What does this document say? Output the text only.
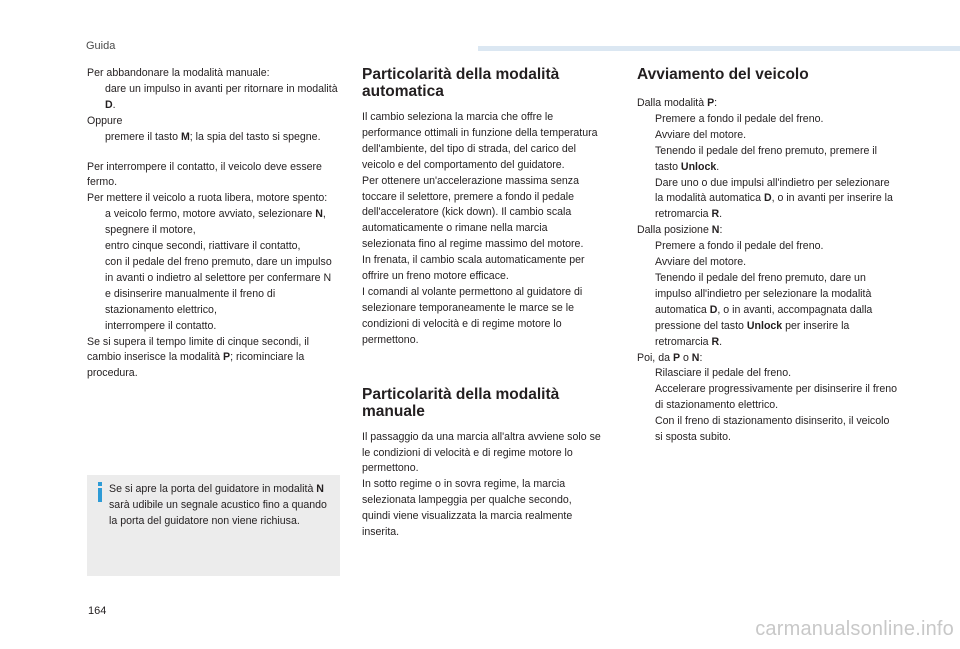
Guida

Per abbandonare la modalità manuale:

dare un impulso in avanti per ritornare in modalità D.

Oppure

premere il tasto M; la spia del tasto si spegne.

Per interrompere il contatto, il veicolo deve essere fermo.

Per mettere il veicolo a ruota libera, motore spento:

a veicolo fermo, motore avviato, selezionare N,
spegnere il motore,
entro cinque secondi, riattivare il contatto,
con il pedale del freno premuto, dare un impulso in avanti o indietro al selettore per confermare N e disinserire manualmente il freno di stazionamento elettrico,
interrompere il contatto.

Se si supera il tempo limite di cinque secondi, il cambio inserisce la modalità P; ricominciare la procedura.

Se si apre la porta del guidatore in modalità N sarà udibile un segnale acustico fino a quando la porta del guidatore non viene richiusa.

Particolarità della modalità automatica

Il cambio seleziona la marcia che offre le performance ottimali in funzione della temperatura dell'ambiente, del tipo di strada, del carico del veicolo e del comportamento del guidatore.

Per ottenere un'accelerazione massima senza toccare il selettore, premere a fondo il pedale dell'acceleratore (kick down). Il cambio scala automaticamente o rimane nella marcia selezionata fino al regime massimo del motore.

In frenata, il cambio scala automaticamente per offrire un freno motore efficace.

I comandi al volante permettono al guidatore di selezionare temporaneamente le marce se le condizioni di velocità e di regime motore lo permettono.

Particolarità della modalità manuale

Il passaggio da una marcia all'altra avviene solo se le condizioni di velocità e di regime motore lo permettono.

In sotto regime o in sovra regime, la marcia selezionata lampeggia per qualche secondo, quindi viene visualizzata la marcia realmente inserita.

Avviamento del veicolo

Dalla modalità P:

Premere a fondo il pedale del freno.
Avviare del motore.
Tenendo il pedale del freno premuto, premere il tasto Unlock.
Dare uno o due impulsi all'indietro per selezionare la modalità automatica D, o in avanti per inserire la retromarcia R.

Dalla posizione N:

Premere a fondo il pedale del freno.
Avviare del motore.
Tenendo il pedale del freno premuto, dare un impulso all'indietro per selezionare la modalità automatica D, o in avanti, accompagnata dalla pressione del tasto Unlock per inserire la retromarcia R.

Poi, da P o N:

Rilasciare il pedale del freno.
Accelerare progressivamente per disinserire il freno di stazionamento elettrico.
Con il freno di stazionamento disinserito, il veicolo si sposta subito.
164
carmanualsonline.info
